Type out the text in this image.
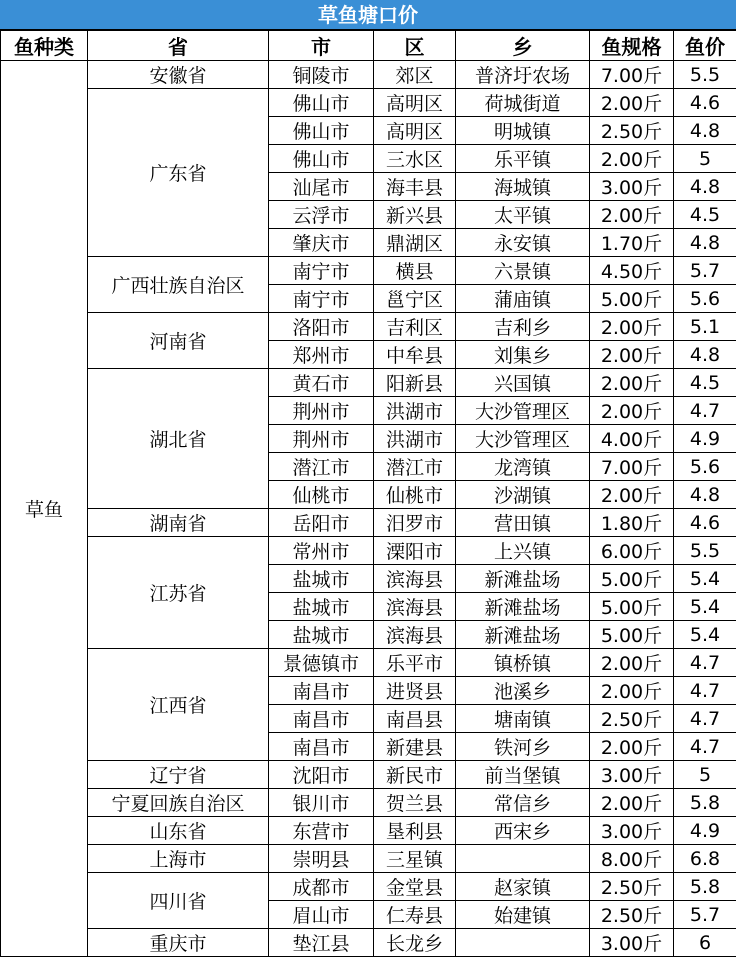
草鱼塘口价
鱼种类	省	市	区	乡	鱼规格	鱼价
草鱼	安徽省	铜陵市	郊区	普济圩农场	7.00斤	5.5
	广东省	佛山市	高明区	荷城街道	2.00斤	4.6
		佛山市	高明区	明城镇	2.50斤	4.8
		佛山市	三水区	乐平镇	2.00斤	5
		汕尾市	海丰县	海城镇	3.00斤	4.8
		云浮市	新兴县	太平镇	2.00斤	4.5
		肇庆市	鼎湖区	永安镇	1.70斤	4.8
	广西壮族自治区	南宁市	横县	六景镇	4.50斤	5.7
		南宁市	邕宁区	蒲庙镇	5.00斤	5.6
	河南省	洛阳市	吉利区	吉利乡	2.00斤	5.1
		郑州市	中牟县	刘集乡	2.00斤	4.8
	湖北省	黄石市	阳新县	兴国镇	2.00斤	4.5
		荆州市	洪湖市	大沙管理区	2.00斤	4.7
		荆州市	洪湖市	大沙管理区	4.00斤	4.9
		潜江市	潜江市	龙湾镇	7.00斤	5.6
		仙桃市	仙桃市	沙湖镇	2.00斤	4.8
	湖南省	岳阳市	汨罗市	营田镇	1.80斤	4.6
	江苏省	常州市	溧阳市	上兴镇	6.00斤	5.5
		盐城市	滨海县	新滩盐场	5.00斤	5.4
		盐城市	滨海县	新滩盐场	5.00斤	5.4
		盐城市	滨海县	新滩盐场	5.00斤	5.4
	江西省	景德镇市	乐平市	镇桥镇	2.00斤	4.7
		南昌市	进贤县	池溪乡	2.00斤	4.7
		南昌市	南昌县	塘南镇	2.50斤	4.7
		南昌市	新建县	铁河乡	2.00斤	4.7
	辽宁省	沈阳市	新民市	前当堡镇	3.00斤	5
	宁夏回族自治区	银川市	贺兰县	常信乡	2.00斤	5.8
	山东省	东营市	垦利县	西宋乡	3.00斤	4.9
	上海市	崇明县	三星镇		8.00斤	6.8
	四川省	成都市	金堂县	赵家镇	2.50斤	5.8
		眉山市	仁寿县	始建镇	2.50斤	5.7
	重庆市	垫江县	长龙乡		3.00斤	6
